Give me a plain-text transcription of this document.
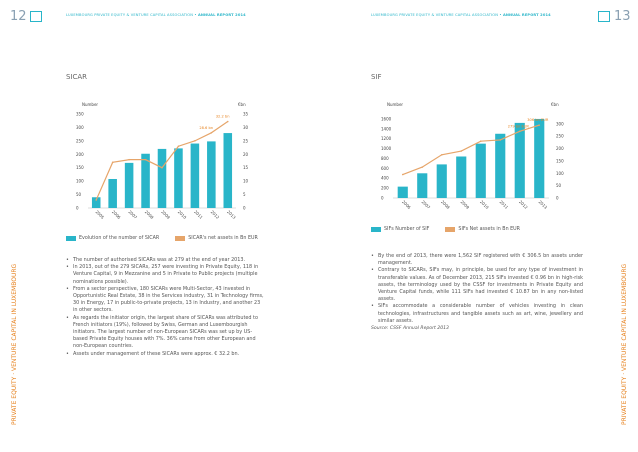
12	LUXEMBOURG PRIVATE EQUITY & VENTURE CAPITAL ASSOCIATION • ANNUAL REPORT 2014	LUXEMBOURG PRIVATE EQUITY & VENTURE CAPITAL ASSOCIATION • ANNUAL REPORT 2014	13
PRIVATE EQUITY · VENTURE CAPITAL IN LUXEMBOURG	PRIVATE EQUITY · VENTURE CAPITAL IN LUXEMBOURG
SICAR
Number	€bn
0
50
100
150
200
250
300
350
0
5
10
15
20
25
30
35
2005 2006 2007 2008 2009 2010 2011 2012 2013
28.6 bn
32.2 bn
Evolution of the number of SICAR	SICAR's net assets in Bn EUR
• The number of authorised SICARs was at 279 at the end of year 2013.
• In 2013, out of the 279 SICARs, 257 were investing in Private Equity, 118 in Venture Capital, 9 in Mezzanine and 5 in Private to Public projects (multiple nominations possible).
• From a sector perspective, 180 SICARs were Multi-Sector, 43 invested in Opportunistic Real Estate, 38 in the Services industry, 31 in Technology firms, 30 in Energy, 17 in public-to-private projects, 13 in Industry, and another 23 in other sectors.
• As regards the initiator origin, the largest share of SICARs was attributed to French initiators (19%), followed by Swiss, German and Luxembourgish initiators. The largest number of non-European SICARs was set up by US-based Private Equity houses with 7%. 36% came from other European and non-European countries.
• Assets under management of these SICARs were approx. € 32.2 bn.
SIF
Number	€bn
0
200
400
600
800
1000
1200
1400
1600
0
50
100
150
200
250
300
2006 2007 2008 2009 2010 2011 2012 2013
279 bn EUR
306 bn EUR
SIFs Number of SIF	SIFs Net assets in Bn EUR
• By the end of 2013, there were 1,562 SIF registered with € 306.5 bn assets under management.
• Contrary to SICARs, SIFs may, in principle, be used for any type of investment in transferable values. As of December 2013, 215 SIFs invested € 0.96 bn in high-risk assets, the terminology used by the CSSF for investments in Private Equity and Venture Capital funds, while 111 SIFs had invested € 10.87 bn in any non-listed assets.
• SIFs accommodate a considerable number of vehicles investing in clean technologies, infrastructures and tangible assets such as art, wine, jewellery and similar assets.
Source: CSSF Annual Report 2013
